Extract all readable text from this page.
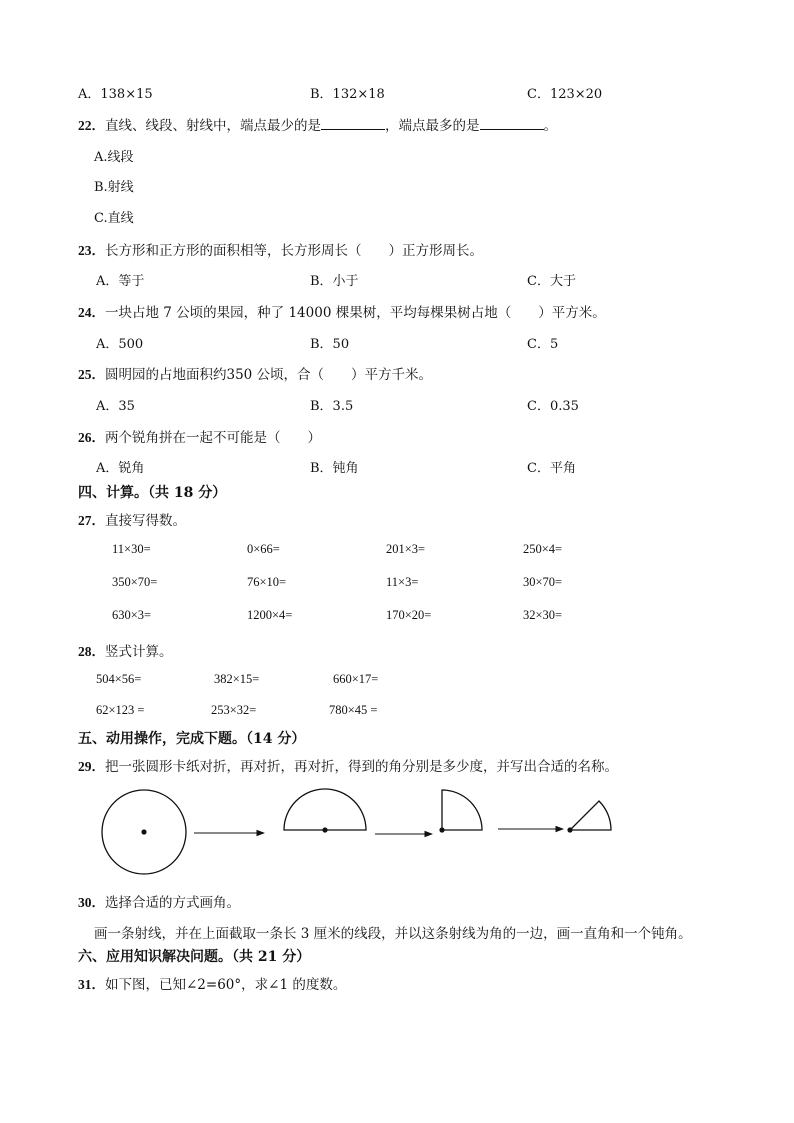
A．138×15	B．132×18	C．123×20
22．直线、线段、射线中，端点最少的是	，端点最多的是	。
A.线段
B.射线
C.直线
23．长方形和正方形的面积相等，长方形周长（　　）正方形周长。
A．等于	B．小于	C．大于
24．一块占地 7 公顷的果园，种了 14000 棵果树，平均每棵果树占地（　　）平方米。
A．500	B．50	C．5
25．圆明园的占地面积约350 公顷，合（　　）平方千米。
A．35	B．3.5	C．0.35
26．两个锐角拼在一起不可能是（　　）
A．锐角	B．钝角	C．平角
四、计算。（共 18 分）
27．直接写得数。
11×30=	0×66=	201×3=	250×4=
350×70=	76×10=	11×3=	30×70=
630×3=	1200×4=	170×20=	32×30=
28．竖式计算。
504×56=	382×15=	660×17=
62×123 =	253×32=	780×45 =
五、动用操作，完成下题。（14 分）
29．把一张圆形卡纸对折，再对折，再对折，得到的角分别是多少度，并写出合适的名称。
30．选择合适的方式画角。
画一条射线，并在上面截取一条长 3 厘米的线段，并以这条射线为角的一边，画一直角和一个钝角。
六、应用知识解决问题。（共 21 分）
31．如下图，已知∠2=60°，求∠1 的度数。
